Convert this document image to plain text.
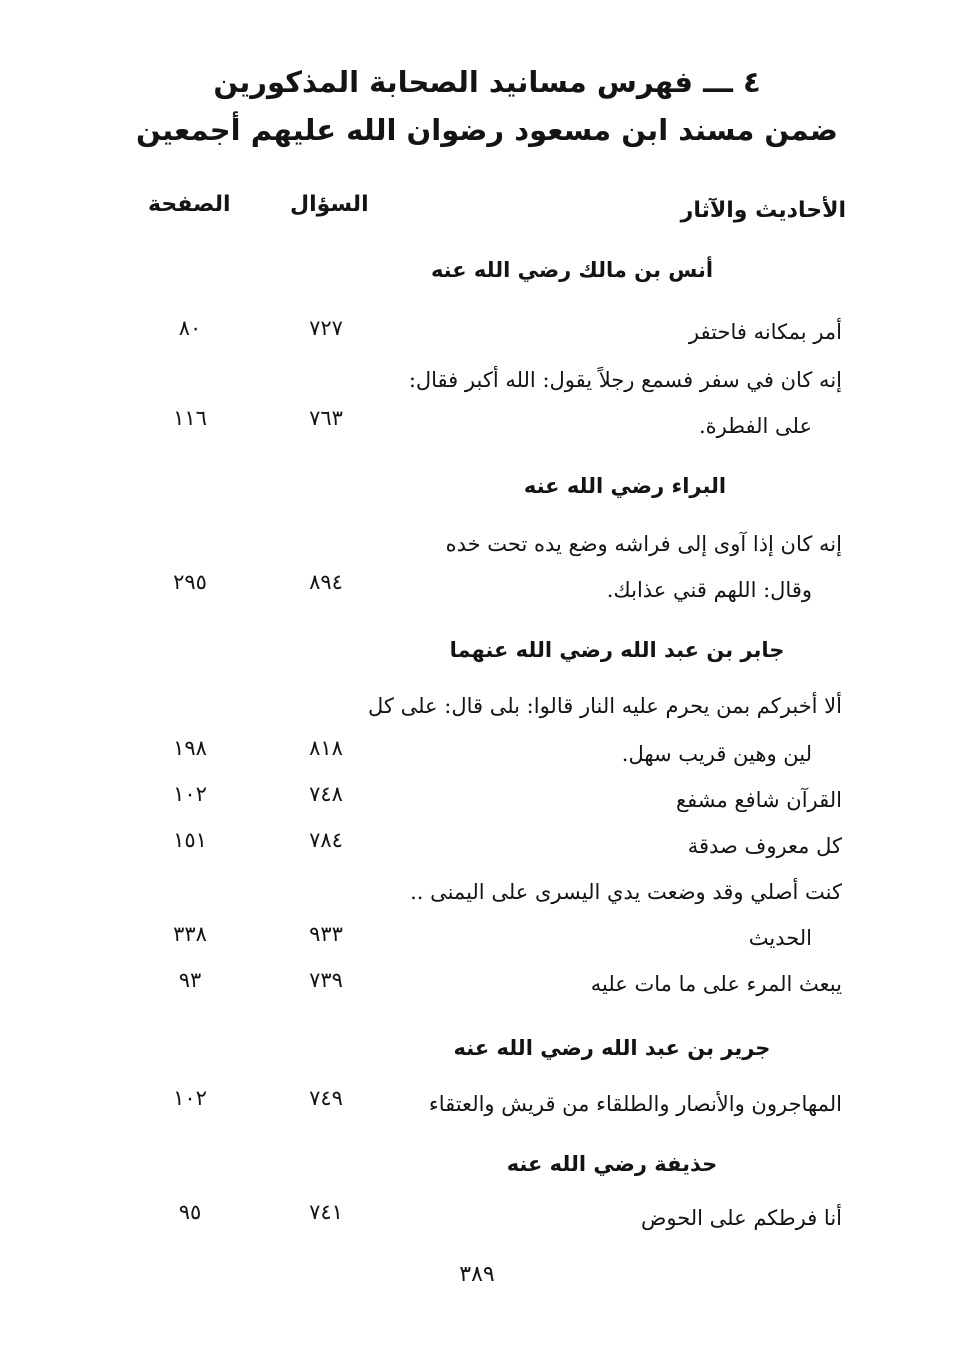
٤ ـــ فهرس مسانيد الصحابة المذكورين
ضمن مسند ابن مسعود رضوان الله عليهم أجمعين
الأحاديث والآثار
السؤال
الصفحة
أنس بن مالك رضي الله عنه
أمر بمكانه فاحتفر
٧٢٧
٨٠
إنه كان في سفر فسمع رجلاً يقول: الله أكبر فقال:
على الفطرة.
٧٦٣
١١٦
البراء رضي الله عنه
إنه كان إذا آوى إلى فراشه وضع يده تحت خده
وقال: اللهم قني عذابك.
٨٩٤
٢٩٥
جابر بن عبد الله رضي الله عنهما
ألا أخبركم بمن يحرم عليه النار قالوا: بلى قال: على كل
لين وهين قريب سهل.
٨١٨
١٩٨
القرآن شافع مشفع
٧٤٨
١٠٢
كل معروف صدقة
٧٨٤
١٥١
كنت أصلي وقد وضعت يدي اليسرى على اليمنى ..
الحديث
٩٣٣
٣٣٨
يبعث المرء على ما مات عليه
٧٣٩
٩٣
جرير بن عبد الله رضي الله عنه
المهاجرون والأنصار والطلقاء من قريش والعتقاء
٧٤٩
١٠٢
حذيفة رضي الله عنه
أنا فرطكم على الحوض
٧٤١
٩٥
٣٨٩
